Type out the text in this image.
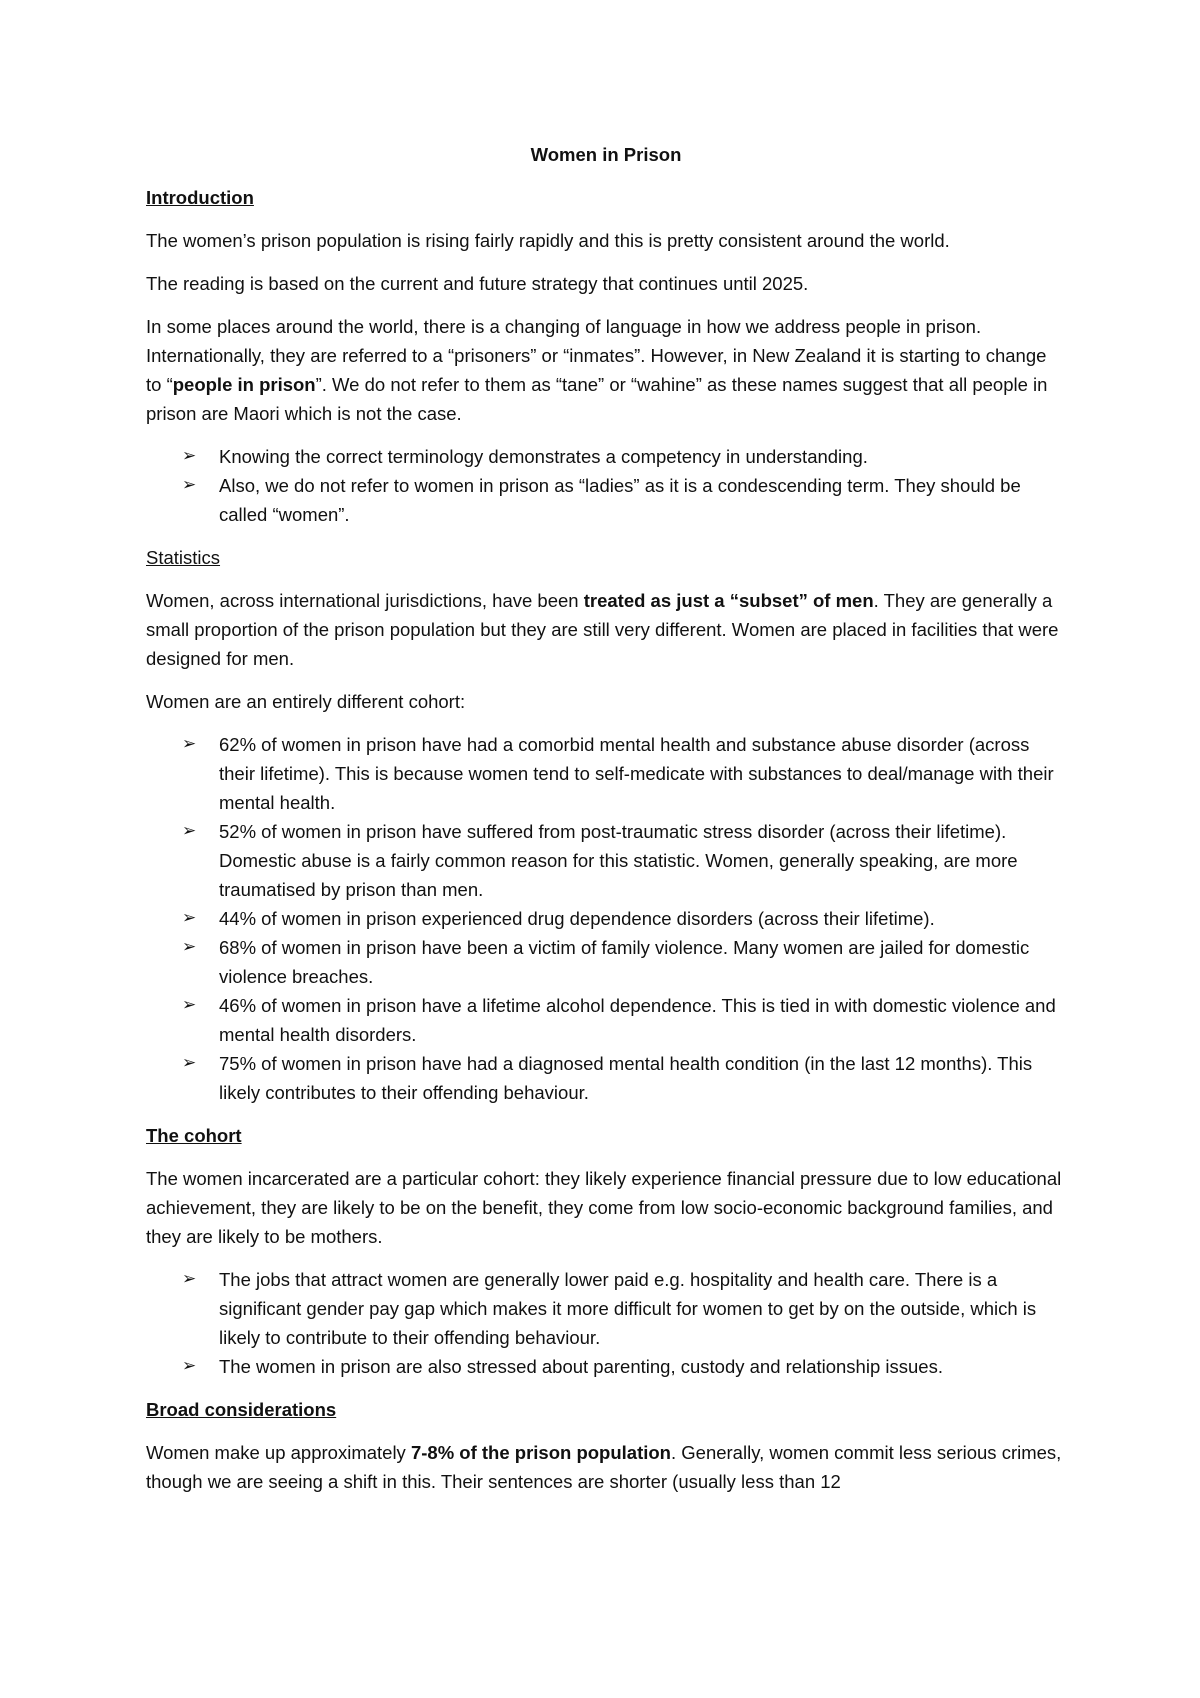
Women in Prison

Introduction

The women’s prison population is rising fairly rapidly and this is pretty consistent around the world.

The reading is based on the current and future strategy that continues until 2025.

In some places around the world, there is a changing of language in how we address people in prison. Internationally, they are referred to a “prisoners” or “inmates”. However, in New Zealand it is starting to change to “people in prison”. We do not refer to them as “tane” or “wahine” as these names suggest that all people in prison are Maori which is not the case.

➢	Knowing the correct terminology demonstrates a competency in understanding.
➢	Also, we do not refer to women in prison as “ladies” as it is a condescending term. They should be called “women”.

Statistics

Women, across international jurisdictions, have been treated as just a “subset” of men. They are generally a small proportion of the prison population but they are still very different. Women are placed in facilities that were designed for men.

Women are an entirely different cohort:

➢	62% of women in prison have had a comorbid mental health and substance abuse disorder (across their lifetime). This is because women tend to self-medicate with substances to deal/manage with their mental health.
➢	52% of women in prison have suffered from post-traumatic stress disorder (across their lifetime). Domestic abuse is a fairly common reason for this statistic. Women, generally speaking, are more traumatised by prison than men.
➢	44% of women in prison experienced drug dependence disorders (across their lifetime).
➢	68% of women in prison have been a victim of family violence. Many women are jailed for domestic violence breaches.
➢	46% of women in prison have a lifetime alcohol dependence. This is tied in with domestic violence and mental health disorders.
➢	75% of women in prison have had a diagnosed mental health condition (in the last 12 months). This likely contributes to their offending behaviour.

The cohort

The women incarcerated are a particular cohort: they likely experience financial pressure due to low educational achievement, they are likely to be on the benefit, they come from low socio-economic background families, and they are likely to be mothers.

➢	The jobs that attract women are generally lower paid e.g. hospitality and health care. There is a significant gender pay gap which makes it more difficult for women to get by on the outside, which is likely to contribute to their offending behaviour.
➢	The women in prison are also stressed about parenting, custody and relationship issues.

Broad considerations

Women make up approximately 7-8% of the prison population. Generally, women commit less serious crimes, though we are seeing a shift in this. Their sentences are shorter (usually less than 12
